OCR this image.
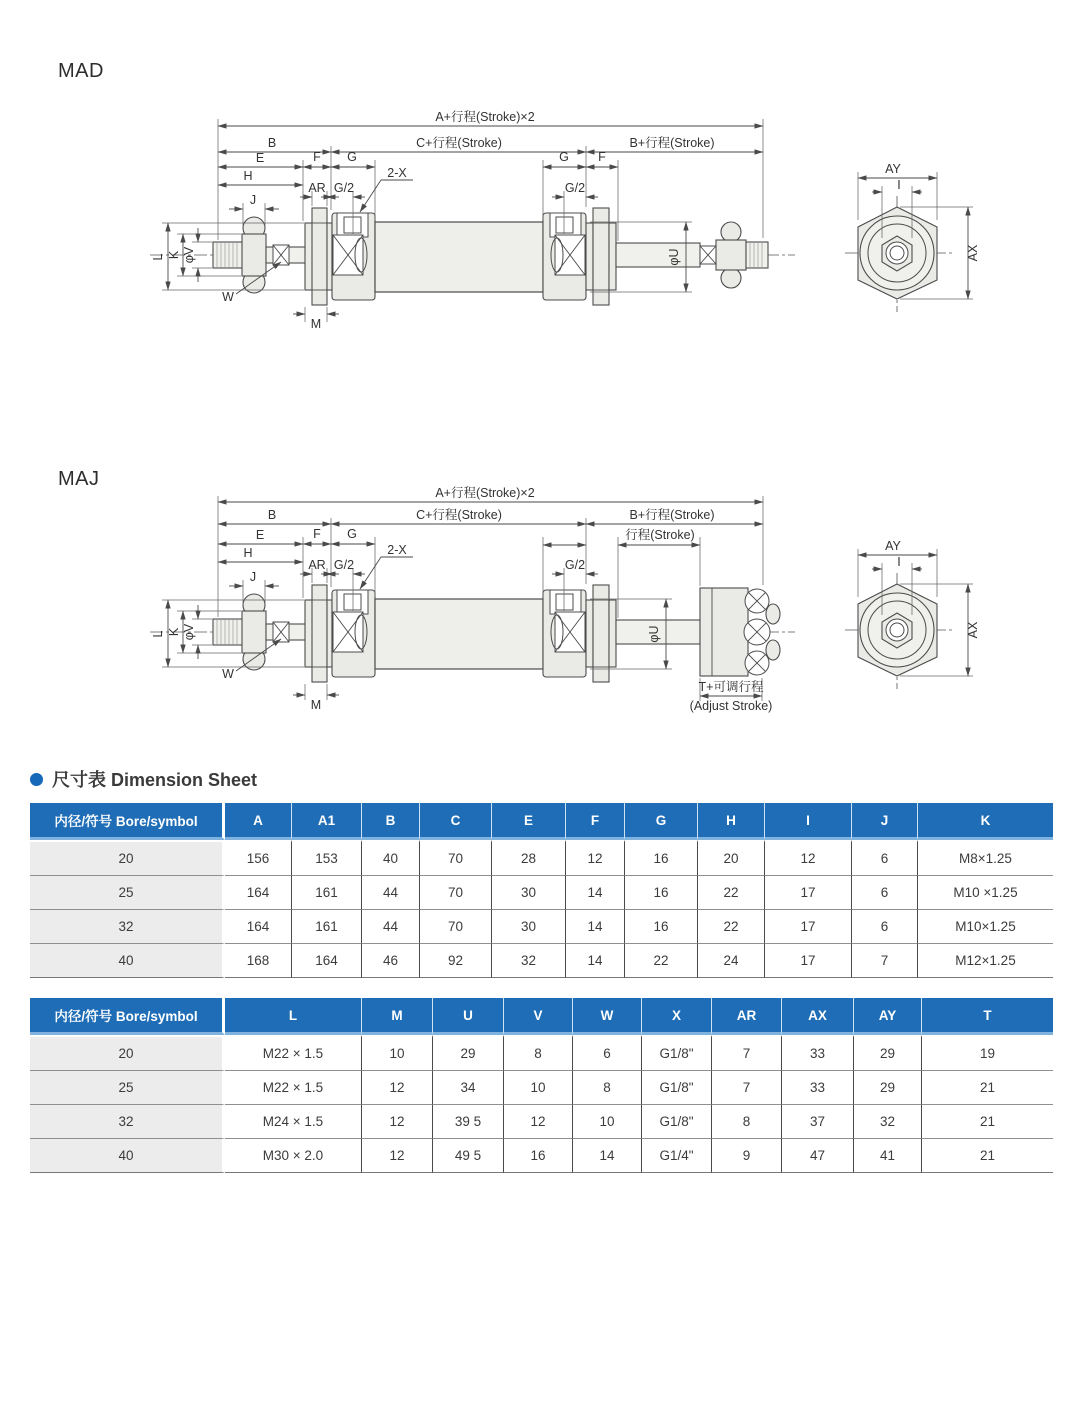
MAD
A+行程(Stroke)×2
B	C+行程(Stroke)	B+行程(Stroke)
E	F G	G F
H
J
AR G/2	G/2
2-X
L K φV
W
M
φU
AY
I
AX
MAJ
A+行程(Stroke)×2
B	C+行程(Stroke)	B+行程(Stroke)
行程(Stroke)
E	F G
H
J
AR G/2	G/2
2-X
L K φV
W
M
φU
T+可调行程
(Adjust Stroke)
AY
I
AX
尺寸表 Dimension Sheet
内径/符号 Bore/symbol	A	A1	B	C	E	F	G	H	I	J	K
20	156	153	40	70	28	12	16	20	12	6	M8×1.25
25	164	161	44	70	30	14	16	22	17	6	M10 ×1.25
32	164	161	44	70	30	14	16	22	17	6	M10×1.25
40	168	164	46	92	32	14	22	24	17	7	M12×1.25
内径/符号 Bore/symbol	L	M	U	V	W	X	AR	AX	AY	T
20	M22 × 1.5	10	29	8	6	G1/8"	7	33	29	19
25	M22 × 1.5	12	34	10	8	G1/8"	7	33	29	21
32	M24 × 1.5	12	39 5	12	10	G1/8"	8	37	32	21
40	M30 × 2.0	12	49 5	16	14	G1/4"	9	47	41	21
